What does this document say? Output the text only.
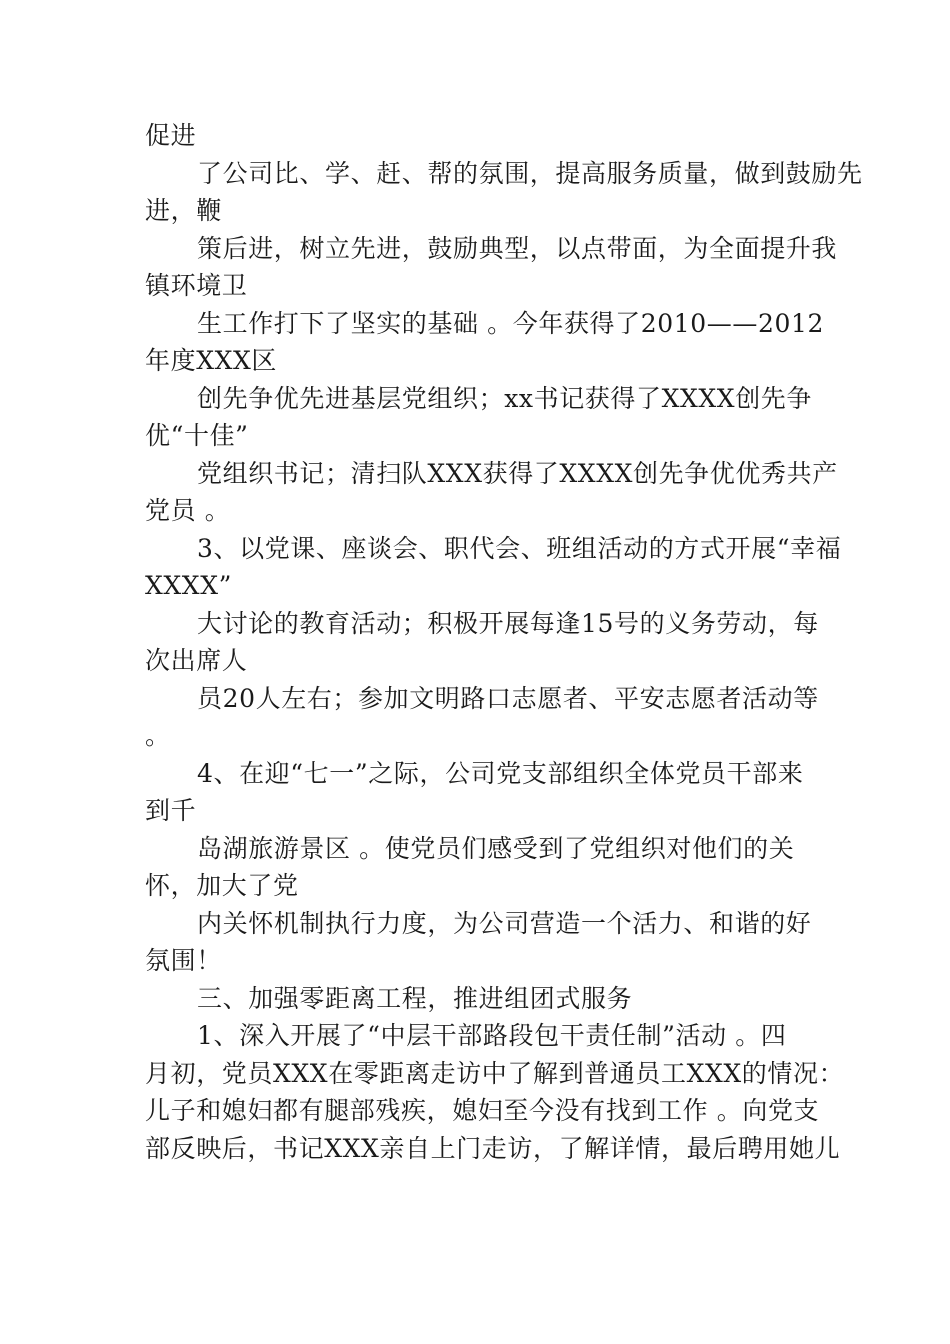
促进
了公司比、学、赶、帮的氛围，提高服务质量，做到鼓励先
进，鞭
策后进，树立先进，鼓励典型，以点带面，为全面提升我
镇环境卫
生工作打下了坚实的基础 。今年获得了2010——2012
年度XXX区
创先争优先进基层党组织；xx书记获得了XXXX创先争
优“十佳”
党组织书记；清扫队XXX获得了XXXX创先争优优秀共产
党员 。
3、以党课、座谈会、职代会、班组活动的方式开展“幸福
XXXX”
大讨论的教育活动；积极开展每逢15号的义务劳动，每
次出席人
员20人左右；参加文明路口志愿者、平安志愿者活动等
。
4、在迎“七一”之际，公司党支部组织全体党员干部来
到千
岛湖旅游景区 。使党员们感受到了党组织对他们的关
怀，加大了党
内关怀机制执行力度，为公司营造一个活力、和谐的好
氛围！
三、加强零距离工程，推进组团式服务
1、深入开展了“中层干部路段包干责任制”活动 。四
月初，党员XXX在零距离走访中了解到普通员工XXX的情况：
儿子和媳妇都有腿部残疾，媳妇至今没有找到工作 。向党支
部反映后，书记XXX亲自上门走访，了解详情，最后聘用她儿
